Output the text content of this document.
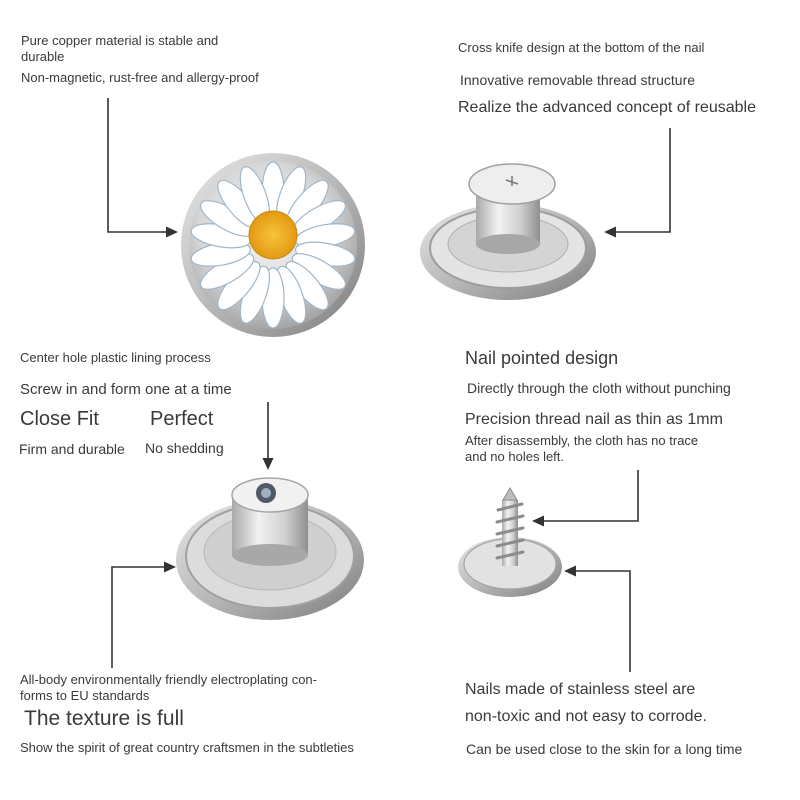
Pure copper material is stable and
durable
Non-magnetic, rust-free and allergy-proof
Cross knife design at the bottom of the nail
Innovative removable thread structure
Realize the advanced concept of reusable
Center hole plastic lining process
Screw in and form one at a time
Close Fit	Perfect
Firm and durable No shedding
Nail pointed design
Directly through the cloth without punching
Precision thread nail as thin as 1mm
After disassembly, the cloth has no trace
and no holes left.
All-body environmentally friendly electroplating con-
forms to EU standards
The texture is full
Show the spirit of great country craftsmen in the subtleties
Nails made of stainless steel are
non-toxic and not easy to corrode.
Can be used close to the skin for a long time
